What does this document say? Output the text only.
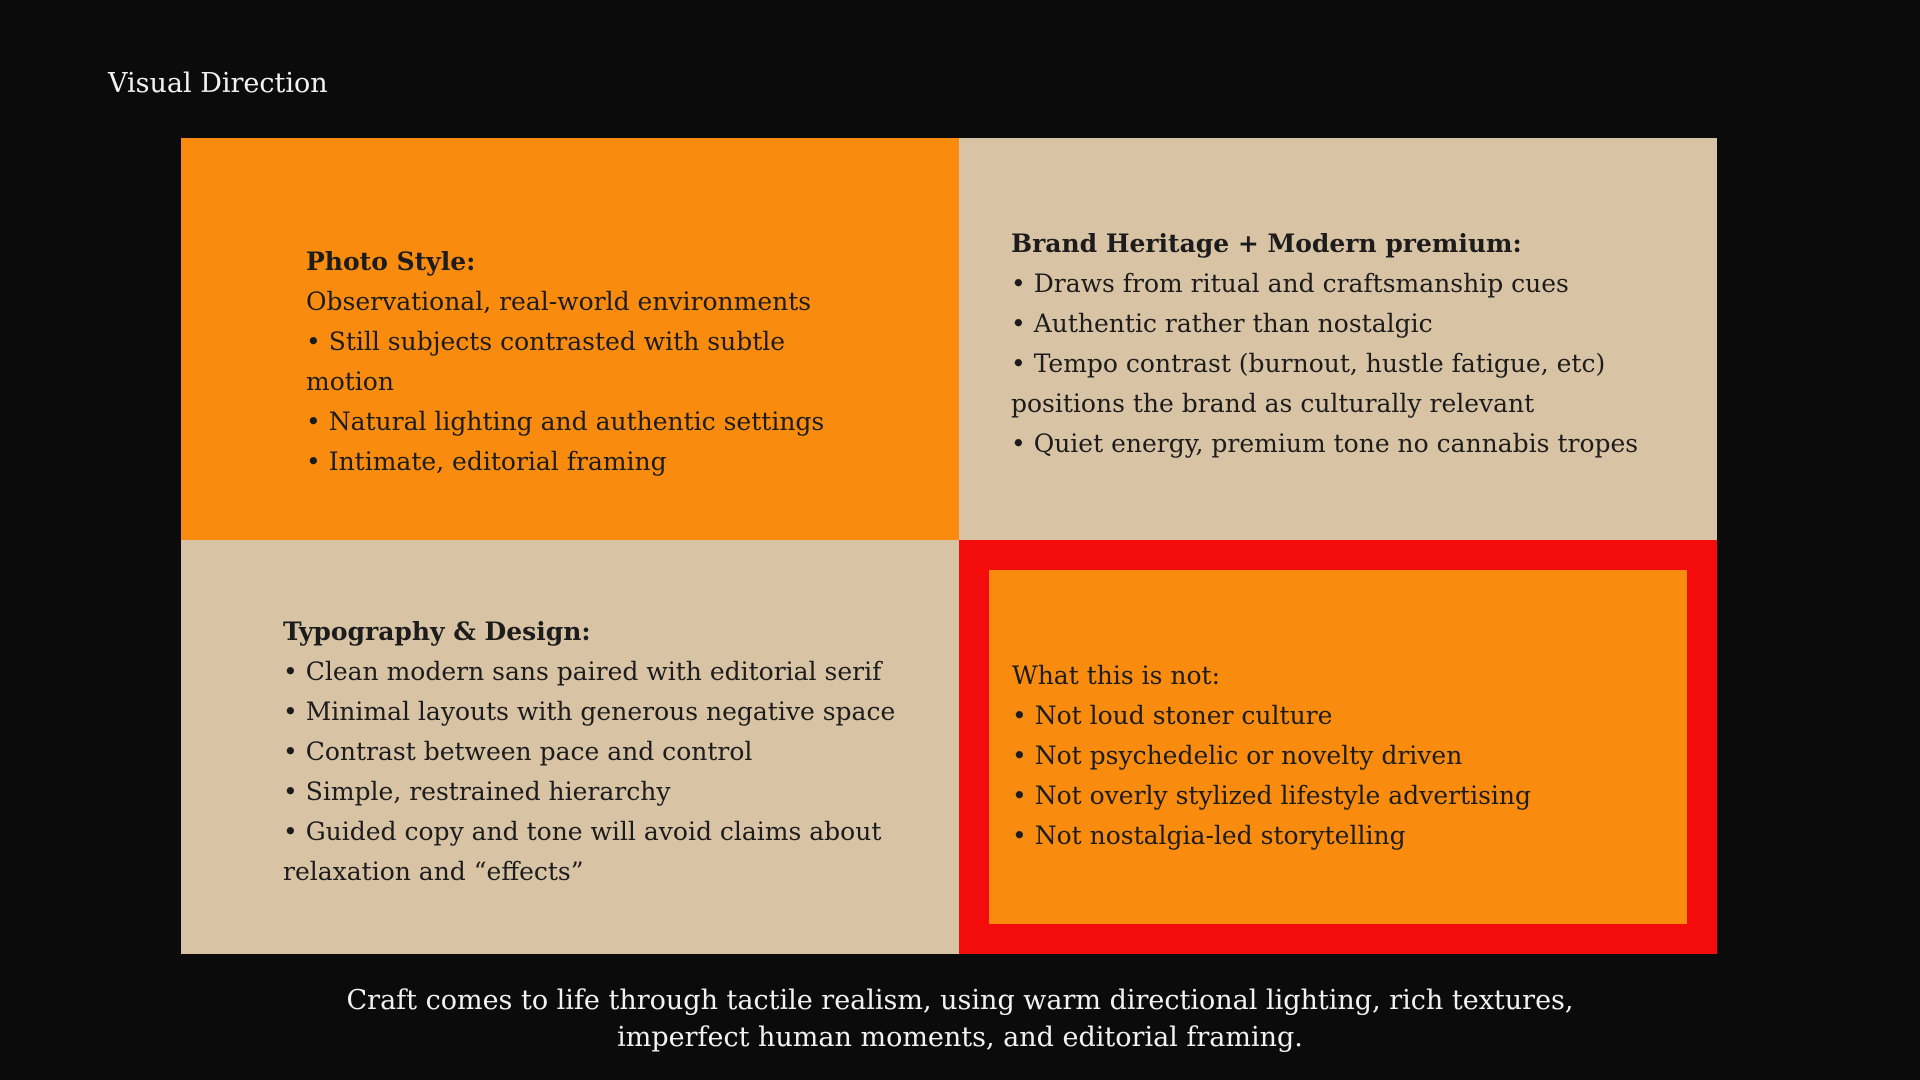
Visual Direction
Photo Style:
Observational, real-world environments
• Still subjects contrasted with subtle
motion
• Natural lighting and authentic settings
• Intimate, editorial framing
Brand Heritage + Modern premium:
• Draws from ritual and craftsmanship cues
• Authentic rather than nostalgic
• Tempo contrast (burnout, hustle fatigue, etc)
positions the brand as culturally relevant
• Quiet energy, premium tone no cannabis tropes
Typography & Design:
• Clean modern sans paired with editorial serif
• Minimal layouts with generous negative space
• Contrast between pace and control
• Simple, restrained hierarchy
• Guided copy and tone will avoid claims about
relaxation and “effects”
What this is not:
• Not loud stoner culture
• Not psychedelic or novelty driven
• Not overly stylized lifestyle advertising
• Not nostalgia-led storytelling
Craft comes to life through tactile realism, using warm directional lighting, rich textures,
imperfect human moments, and editorial framing.
